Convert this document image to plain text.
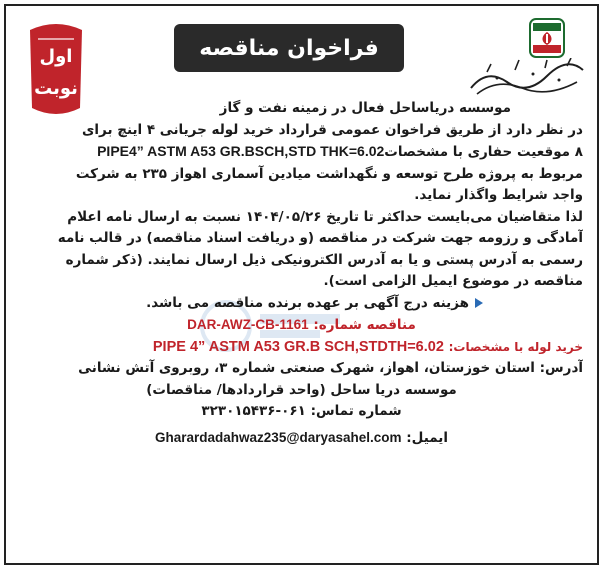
اول
نوبت
فراخوان مناقصه
موسسه دریاساحل فعال در زمینه نفت و گاز
در نظر دارد از طریق فراخوان عمومی قرارداد خرید لوله جریانی ۴ اینچ برای
۸ موقعیت حفاری با مشخصاتPIPE4” ASTM A53 GR.BSCH,STD THK=6.02
مربوط به پروژه طرح توسعه و نگهداشت میادین آسماری اهواز ۲۳۵ به شرکت
واجد شرایط واگذار نماید.
لذا متقاضیان می‌بایست حداکثر تا تاریخ ۱۴۰۴/۰۵/۲۶ نسبت به ارسال نامه اعلام
آمادگی و رزومه جهت شرکت در مناقصه (و دریافت اسناد مناقصه) در قالب نامه
رسمی به آدرس پستی و یا به آدرس الکترونیکی ذیل ارسال نمایند. (ذکر شماره
مناقصه در موضوع ایمیل الزامی است).
هزینه درج آگهی بر عهده برنده مناقصه می باشد.
مناقصه شماره: DAR-AWZ-CB-1161
خرید لوله با مشخصات: PIPE 4” ASTM A53 GR.B SCH,STDTH=6.02
آدرس: استان خوزستان، اهواز، شهرک صنعتی شماره ۳، روبروی آتش نشانی
موسسه دریا ساحل (واحد قراردادها/ مناقصات)
شماره تماس: ۰۶۱-۳۲۳۰۱۵۴۳۶
ایمیل: Gharardadahwaz235@daryasahel.com
